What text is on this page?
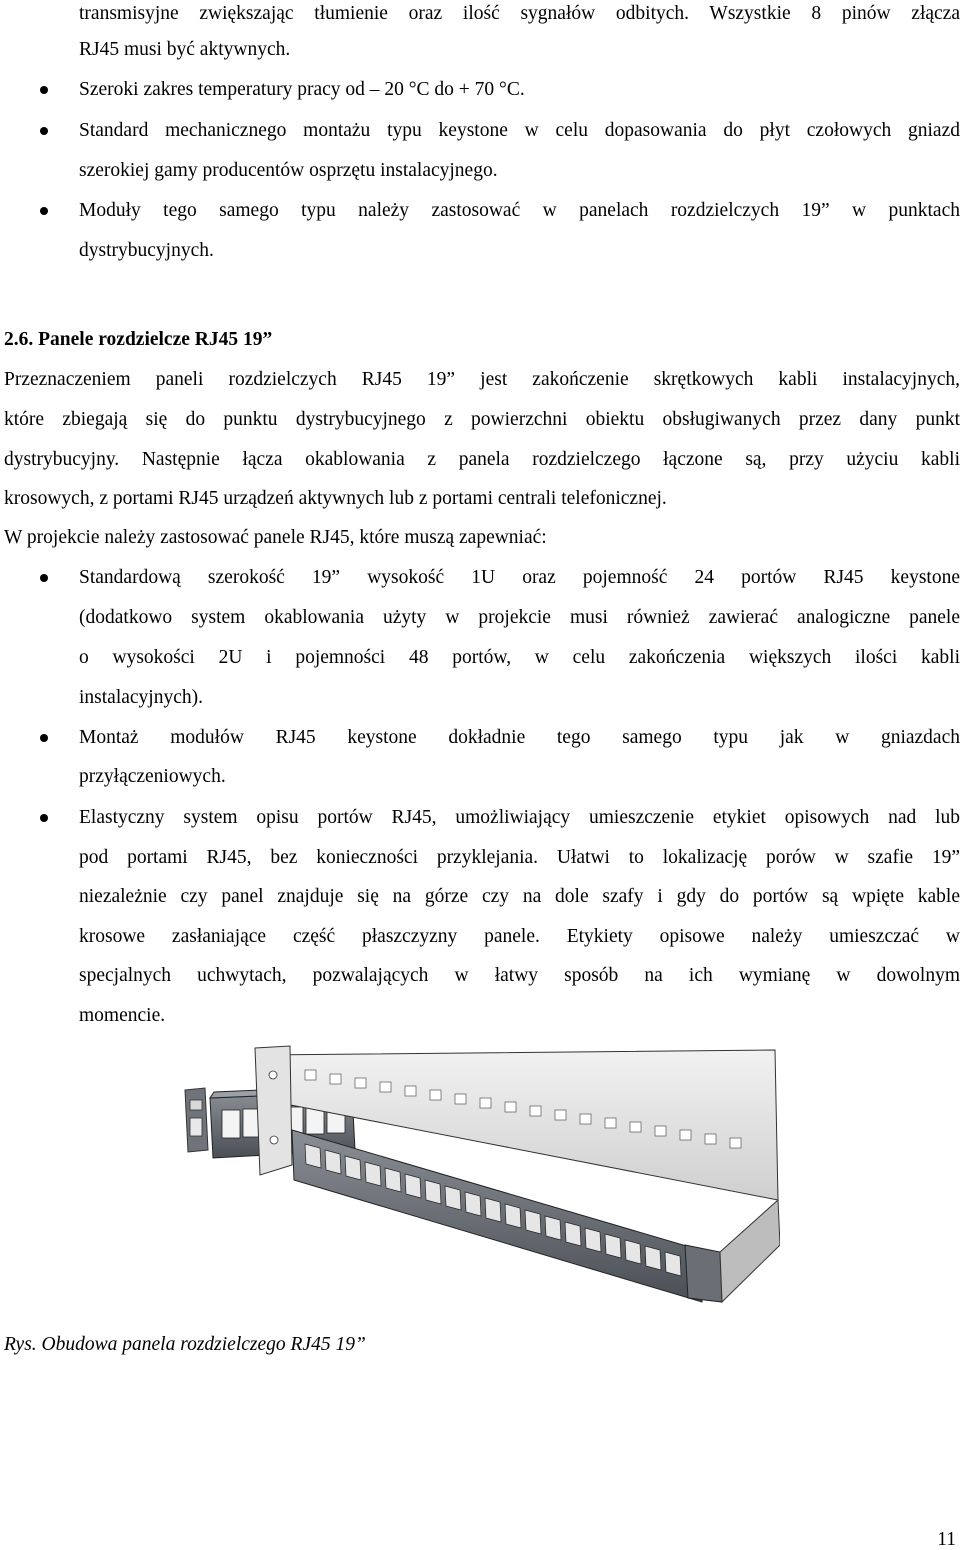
transmisyjne zwiększając tłumienie oraz ilość sygnałów odbitych. Wszystkie 8 pinów złącza
RJ45 musi być aktywnych.
Szeroki zakres temperatury pracy od – 20 °C do + 70 °C.
Standard mechanicznego montażu typu keystone w celu dopasowania do płyt czołowych gniazd
szerokiej gamy producentów osprzętu instalacyjnego.
Moduły tego samego typu należy zastosować w panelach rozdzielczych 19” w punktach
dystrybucyjnych.
2.6. Panele rozdzielcze RJ45 19”
Przeznaczeniem paneli rozdzielczych RJ45 19” jest zakończenie skrętkowych kabli instalacyjnych,
które zbiegają się do punktu dystrybucyjnego z powierzchni obiektu obsługiwanych przez dany punkt
dystrybucyjny. Następnie łącza okablowania z panela rozdzielczego łączone są, przy użyciu kabli
krosowych, z portami RJ45 urządzeń aktywnych lub z portami centrali telefonicznej.
W projekcie należy zastosować panele RJ45, które muszą zapewniać:
Standardową szerokość 19” wysokość 1U oraz pojemność 24 portów RJ45 keystone
(dodatkowo system okablowania użyty w projekcie musi również zawierać analogiczne panele
o wysokości 2U i pojemności 48 portów, w celu zakończenia większych ilości kabli
instalacyjnych).
Montaż modułów RJ45 keystone dokładnie tego samego typu jak w gniazdach
przyłączeniowych.
Elastyczny system opisu portów RJ45, umożliwiający umieszczenie etykiet opisowych nad lub
pod portami RJ45, bez konieczności przyklejania. Ułatwi to lokalizację porów w szafie 19”
niezależnie czy panel znajduje się na górze czy na dole szafy i gdy do portów są wpięte kable
krosowe zasłaniające część płaszczyzny panele. Etykiety opisowe należy umieszczać w
specjalnych uchwytach, pozwalających w łatwy sposób na ich wymianę w dowolnym
momencie.
Rys. Obudowa panela rozdzielczego RJ45 19”
11
